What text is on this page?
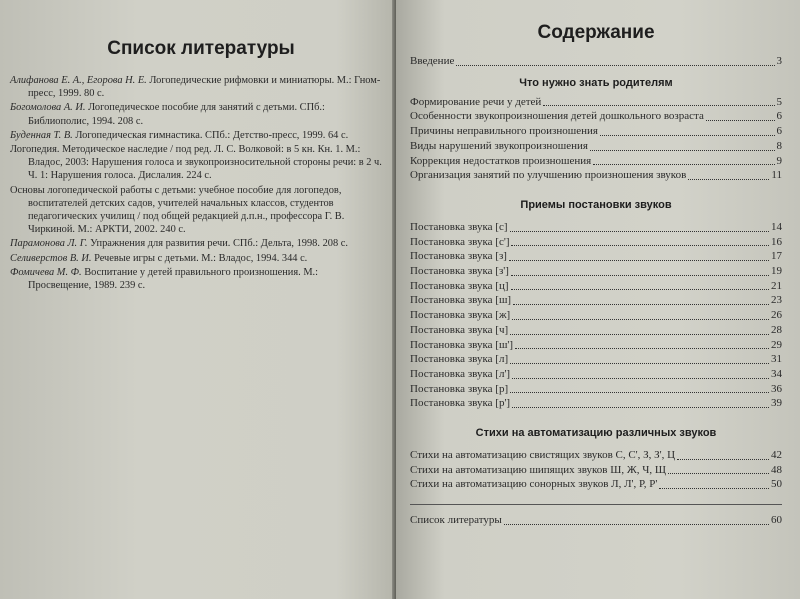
Список литературы
Алифанова Е. А., Егорова Н. Е. Логопедические рифмовки и миниатюры. М.: Гном-пресс, 1999. 80 с.
Богомолова А. И. Логопедическое пособие для занятий с детьми. СПб.: Библиополис, 1994. 208 с.
Буденная Т. В. Логопедическая гимнастика. СПб.: Детство-пресс, 1999. 64 с.
Логопедия. Методическое наследие / под ред. Л. С. Волковой: в 5 кн. Кн. 1. М.: Владос, 2003: Нарушения голоса и звукопроизносительной стороны речи: в 2 ч. Ч. 1: Нарушения голоса. Дислалия. 224 с.
Основы логопедической работы с детьми: учебное пособие для логопедов, воспитателей детских садов, учителей начальных классов, студентов педагогических училищ / под общей редакцией д.п.н., профессора Г. В. Чиркиной. М.: АРКТИ, 2002. 240 с.
Парамонова Л. Г. Упражнения для развития речи. СПб.: Дельта, 1998. 208 с.
Селиверстов В. И. Речевые игры с детьми. М.: Владос, 1994. 344 с.
Фомичева М. Ф. Воспитание у детей правильного произношения. М.: Просвещение, 1989. 239 с.
Содержание
Введение	3
Что нужно знать родителям
Формирование речи у детей	5
Особенности звукопроизношения детей дошкольного возраста	6
Причины неправильного произношения	6
Виды нарушений звукопроизношения	8
Коррекция недостатков произношения	9
Организация занятий по улучшению произношения звуков	11
Приемы постановки звуков
Постановка звука [с]	14
Постановка звука [с']	16
Постановка звука [з]	17
Постановка звука [з']	19
Постановка звука [ц]	21
Постановка звука [ш]	23
Постановка звука [ж]	26
Постановка звука [ч]	28
Постановка звука [ш']	29
Постановка звука [л]	31
Постановка звука [л']	34
Постановка звука [р]	36
Постановка звука [р']	39
Стихи на автоматизацию различных звуков
Стихи на автоматизацию свистящих звуков С, С', З, З', Ц	42
Стихи на автоматизацию шипящих звуков Ш, Ж, Ч, Щ	48
Стихи на автоматизацию сонорных звуков Л, Л', Р, Р'	50
Список литературы	60
